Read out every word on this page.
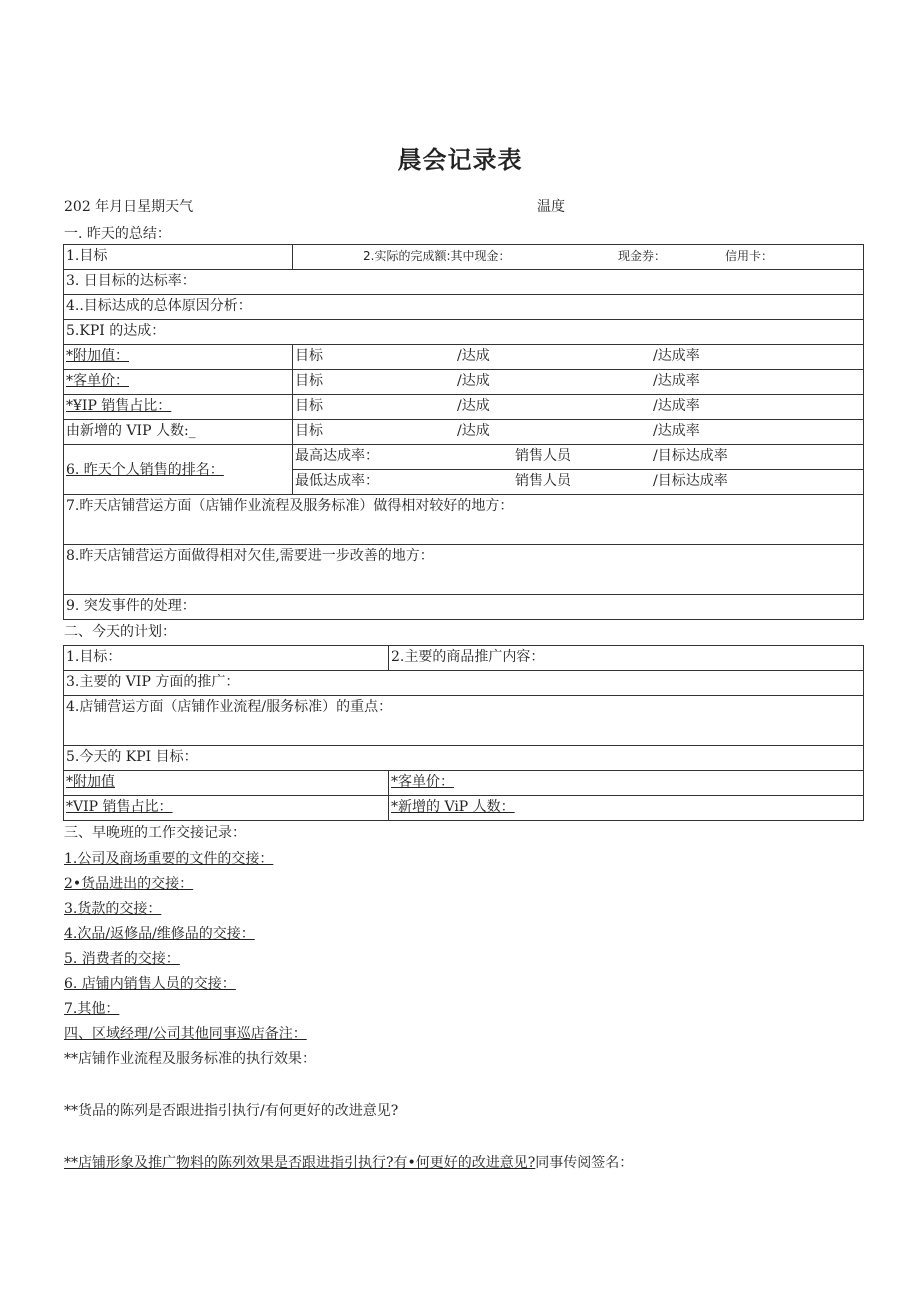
晨会记录表
202 年月日星期天气	温度
一. 昨天的总结：
1.目标	2.实际的完成额:其中现金： 现金券： 信用卡：

3. 日目标的达标率：	
4..目标达成的总体原因分析：	
5.KPI 的达成：	
*附加值：	目标 /达成 /达成率

*客单价：	目标 /达成 /达成率

*¥IP 销售占比：	目标 /达成 /达成率

由新增的 VIP 人数:_	目标 /达成 /达成率

6. 昨天个人销售的排名：	最高达成率： 销售人员 /目标达成率

	最低达成率： 销售人员 /目标达成率

7.昨天店铺营运方面（店铺作业流程及服务标准）做得相对较好的地方：	
8.昨天店铺营运方面做得相对欠佳,需要进一步改善的地方：	
9. 突发事件的处理：	
二、今天的计划：
1.目标：	2.主要的商品推广内容：
3.主要的 VIP 方面的推广：	
4.店铺营运方面（店铺作业流程/服务标准）的重点：	
5.今天的 KPI 目标：	
*附加值	*客单价：
*VIP 销售占比：	*新增的 ViP 人数：
三、早晚班的工作交接记录：
1.公司及商场重要的文件的交接：
2•货品进出的交接：
3.货款的交接：
4.次品/返修品/维修品的交接：
5. 消费者的交接：
6. 店铺内销售人员的交接：
7.其他：
四、区域经理/公司其他同事巡店备注：
**店铺作业流程及服务标准的执行效果：
**货品的陈列是否跟进指引执行/有何更好的改进意见?
**店铺形象及推广物料的陈列效果是否跟进指引执行?有•何更好的改进意见?同事传阅签名：
